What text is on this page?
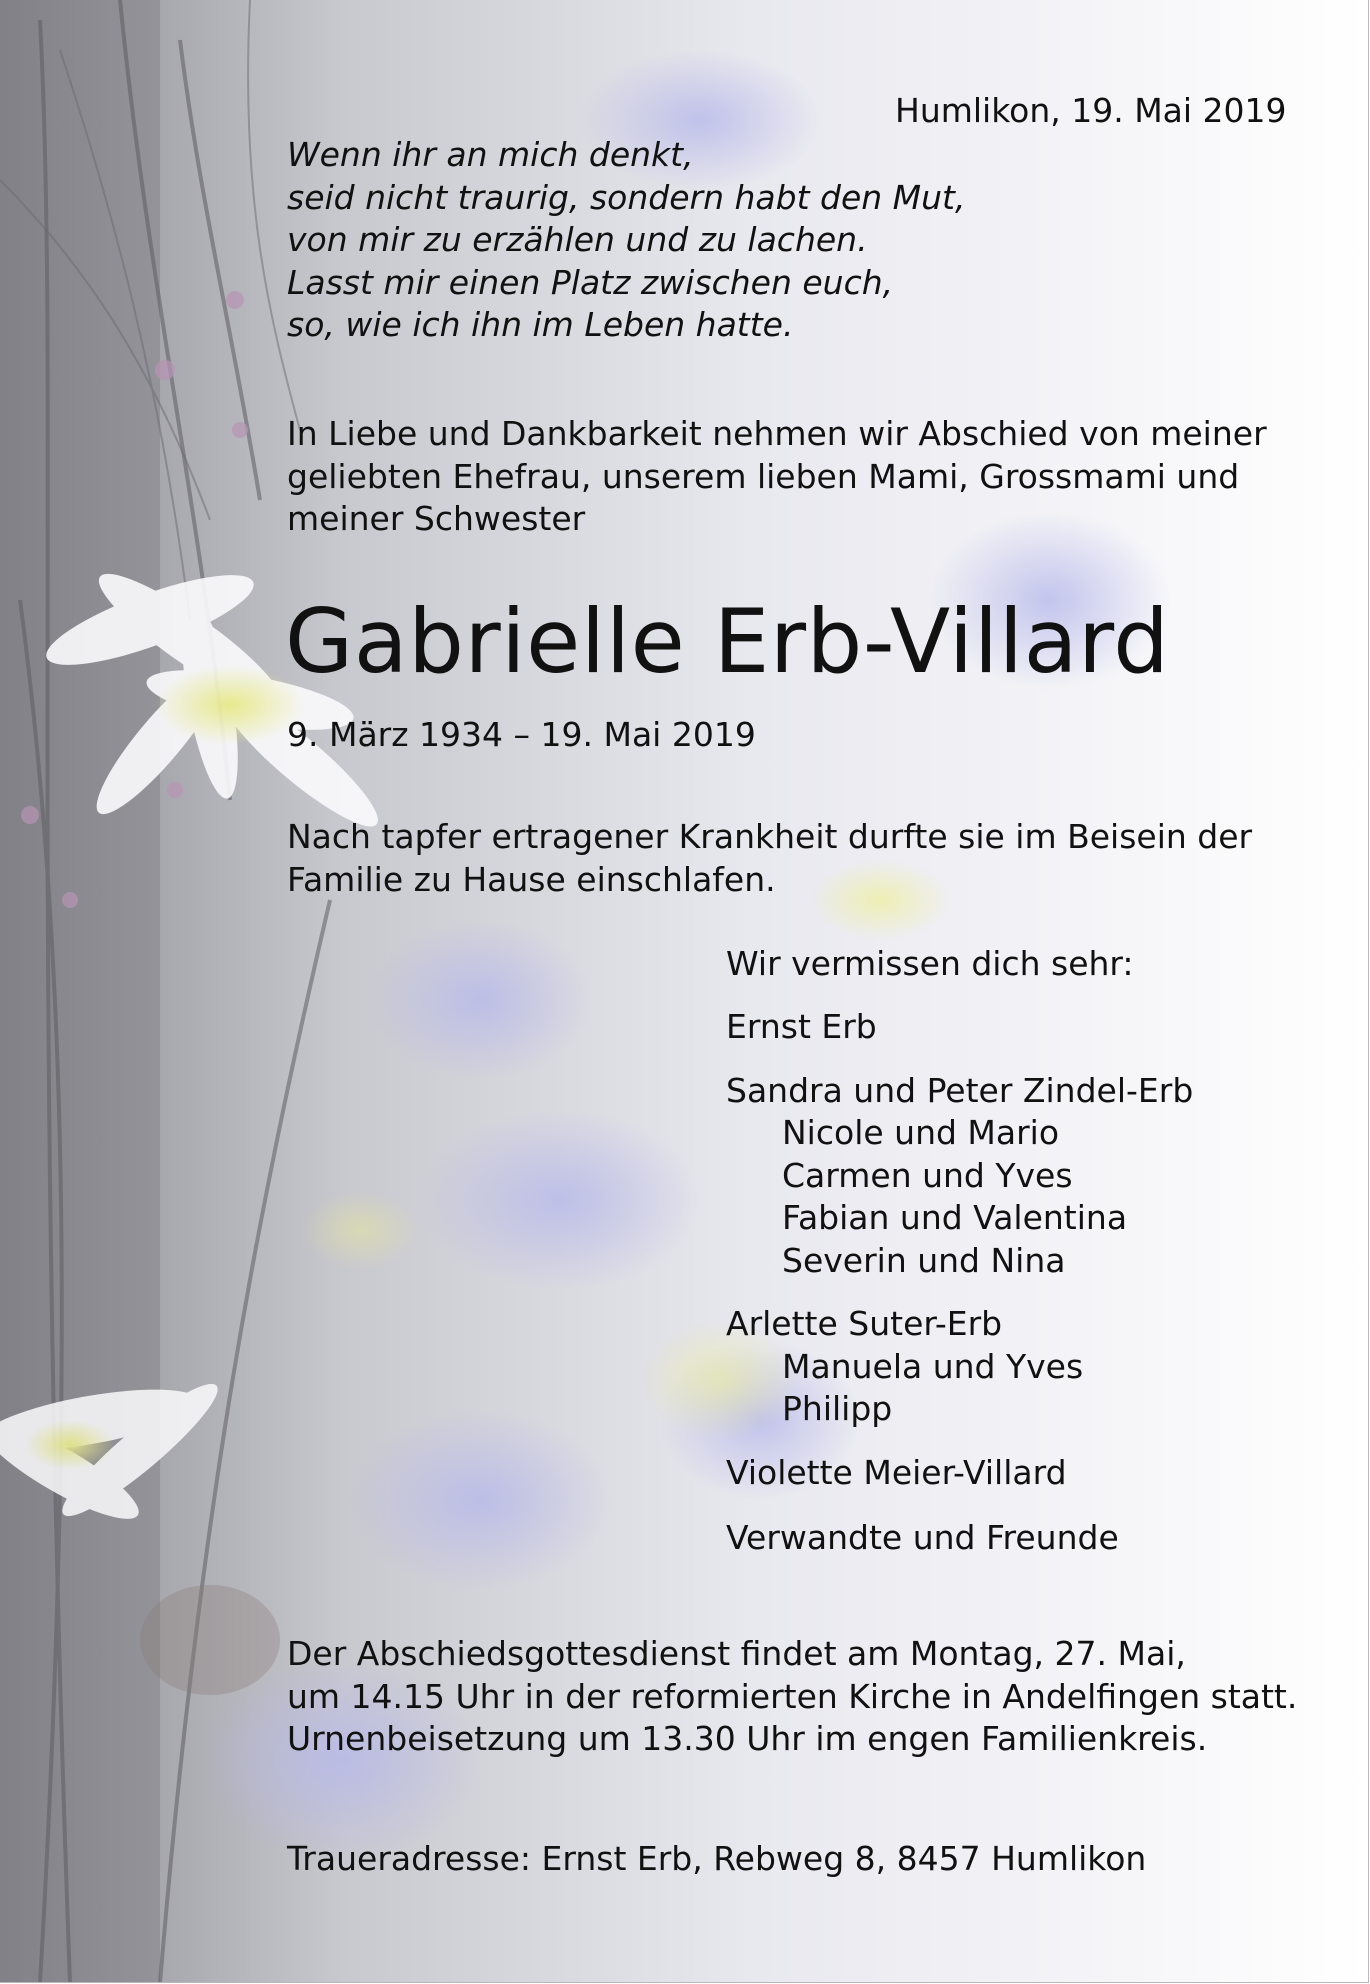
Humlikon, 19. Mai 2019
Wenn ihr an mich denkt,
seid nicht traurig, sondern habt den Mut,
von mir zu erzählen und zu lachen.
Lasst mir einen Platz zwischen euch,
so, wie ich ihn im Leben hatte.
In Liebe und Dankbarkeit nehmen wir Abschied von meiner
geliebten Ehefrau, unserem lieben Mami, Grossmami und
meiner Schwester
Gabrielle Erb-Villard
9. März 1934 – 19. Mai 2019
Nach tapfer ertragener Krankheit durfte sie im Beisein der
Familie zu Hause einschlafen.
Wir vermissen dich sehr:
Ernst Erb
Sandra und Peter Zindel-Erb
Nicole und Mario
Carmen und Yves
Fabian und Valentina
Severin und Nina
Arlette Suter-Erb
Manuela und Yves
Philipp
Violette Meier-Villard
Verwandte und Freunde
Der Abschiedsgottesdienst findet am Montag, 27. Mai,
um 14.15 Uhr in der reformierten Kirche in Andelfingen statt.
Urnenbeisetzung um 13.30 Uhr im engen Familienkreis.
Traueradresse: Ernst Erb, Rebweg 8, 8457 Humlikon
